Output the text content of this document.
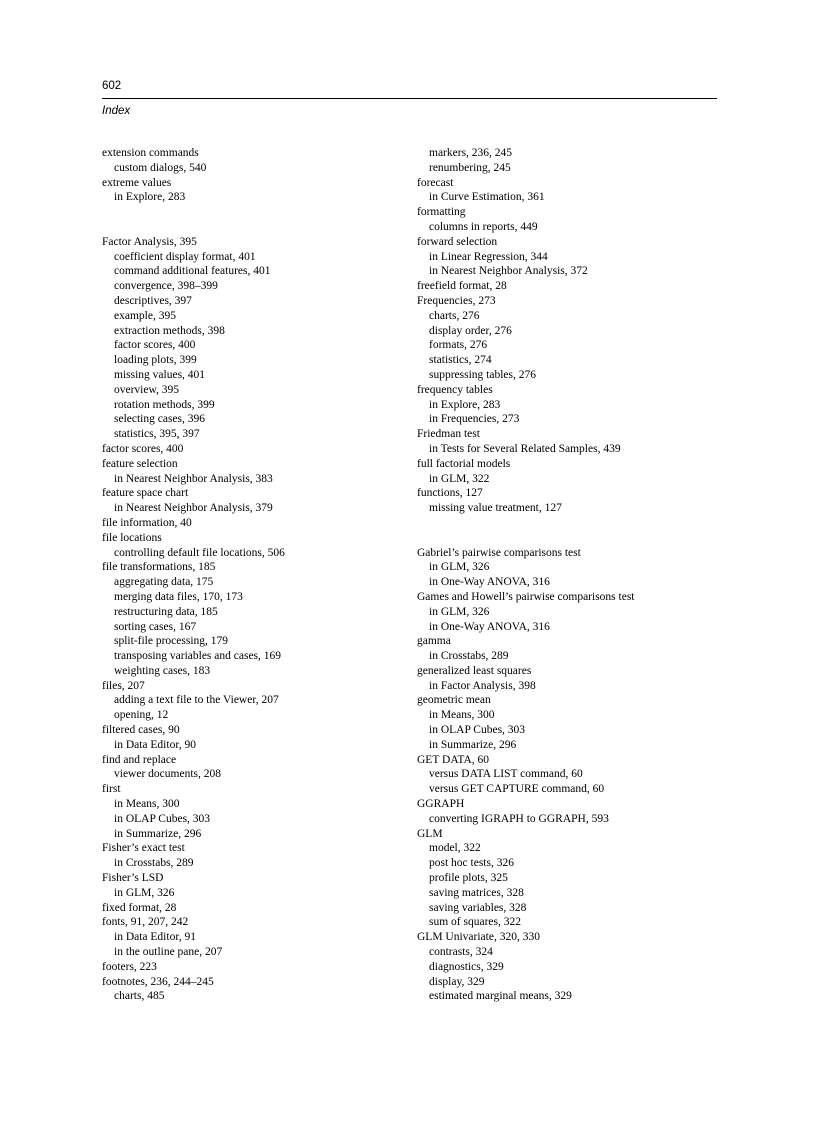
602
Index
extension commands
custom dialogs, 540
extreme values
in Explore, 283
Factor Analysis, 395
coefficient display format, 401
command additional features, 401
convergence, 398–399
descriptives, 397
example, 395
extraction methods, 398
factor scores, 400
loading plots, 399
missing values, 401
overview, 395
rotation methods, 399
selecting cases, 396
statistics, 395, 397
factor scores, 400
feature selection
in Nearest Neighbor Analysis, 383
feature space chart
in Nearest Neighbor Analysis, 379
file information, 40
file locations
controlling default file locations, 506
file transformations, 185
aggregating data, 175
merging data files, 170, 173
restructuring data, 185
sorting cases, 167
split-file processing, 179
transposing variables and cases, 169
weighting cases, 183
files, 207
adding a text file to the Viewer, 207
opening, 12
filtered cases, 90
in Data Editor, 90
find and replace
viewer documents, 208
first
in Means, 300
in OLAP Cubes, 303
in Summarize, 296
Fisher’s exact test
in Crosstabs, 289
Fisher’s LSD
in GLM, 326
fixed format, 28
fonts, 91, 207, 242
in Data Editor, 91
in the outline pane, 207
footers, 223
footnotes, 236, 244–245
charts, 485
markers, 236, 245
renumbering, 245
forecast
in Curve Estimation, 361
formatting
columns in reports, 449
forward selection
in Linear Regression, 344
in Nearest Neighbor Analysis, 372
freefield format, 28
Frequencies, 273
charts, 276
display order, 276
formats, 276
statistics, 274
suppressing tables, 276
frequency tables
in Explore, 283
in Frequencies, 273
Friedman test
in Tests for Several Related Samples, 439
full factorial models
in GLM, 322
functions, 127
missing value treatment, 127
Gabriel’s pairwise comparisons test
in GLM, 326
in One-Way ANOVA, 316
Games and Howell’s pairwise comparisons test
in GLM, 326
in One-Way ANOVA, 316
gamma
in Crosstabs, 289
generalized least squares
in Factor Analysis, 398
geometric mean
in Means, 300
in OLAP Cubes, 303
in Summarize, 296
GET DATA, 60
versus DATA LIST command, 60
versus GET CAPTURE command, 60
GGRAPH
converting IGRAPH to GGRAPH, 593
GLM
model, 322
post hoc tests, 326
profile plots, 325
saving matrices, 328
saving variables, 328
sum of squares, 322
GLM Univariate, 320, 330
contrasts, 324
diagnostics, 329
display, 329
estimated marginal means, 329
